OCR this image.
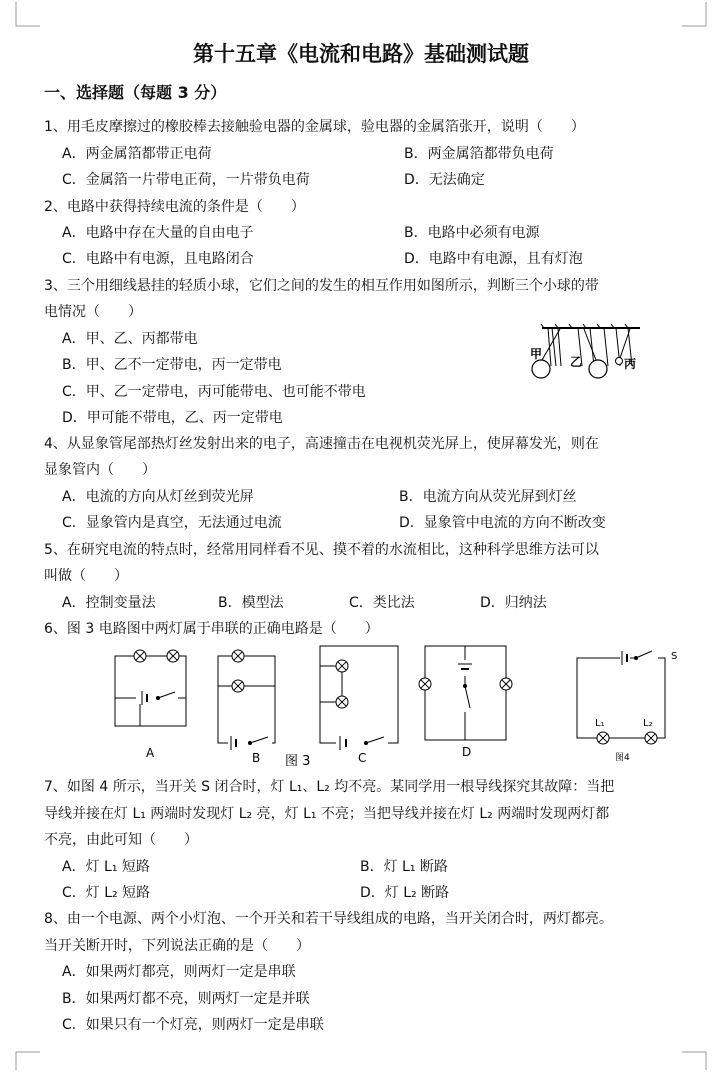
第十五章《电流和电路》基础测试题
一、选择题（每题 3 分）
1、用毛皮摩擦过的橡胶棒去接触验电器的金属球，验电器的金属箔张开，说明（　　）
A．两金属箔都带正电荷	B．两金属箔都带负电荷
C．金属箔一片带电正荷，一片带负电荷	D．无法确定
2、电路中获得持续电流的条件是（　　）
A．电路中存在大量的自由电子	B．电路中必须有电源
C．电路中有电源，且电路闭合	D．电路中有电源，且有灯泡
3、三个用细线悬挂的轻质小球，它们之间的发生的相互作用如图所示，判断三个小球的带
电情况（　　）
A．甲、乙、丙都带电
B．甲、乙不一定带电，丙一定带电
C．甲、乙一定带电，丙可能带电、也可能不带电
D．甲可能不带电，乙、丙一定带电
甲
乙	丙
4、从显象管尾部热灯丝发射出来的电子，高速撞击在电视机荧光屏上，使屏幕发光，则在
显象管内（　　）
A．电流的方向从灯丝到荧光屏	B．电流方向从荧光屏到灯丝
C．显象管内是真空，无法通过电流	D．显象管中电流的方向不断改变
5、在研究电流的特点时，经常用同样看不见、摸不着的水流相比，这种科学思维方法可以
叫做（　　）
A．控制变量法	B．模型法	C．类比法	D．归纳法
6、图 3 电路图中两灯属于串联的正确电路是（　　）
A	B 图 3	C	D
S
L₁	L₂
图4
7、如图 4 所示，当开关 S 闭合时，灯 L₁、L₂ 均不亮。某同学用一根导线探究其故障：当把
导线并接在灯 L₁ 两端时发现灯 L₂ 亮，灯 L₁ 不亮；当把导线并接在灯 L₂ 两端时发现两灯都
不亮，由此可知（　　）
A．灯 L₁ 短路	B．灯 L₁ 断路
C．灯 L₂ 短路	D．灯 L₂ 断路
8、由一个电源、两个小灯泡、一个开关和若干导线组成的电路，当开关闭合时，两灯都亮。
当开关断开时，下列说法正确的是（　　）
A．如果两灯都亮，则两灯一定是串联
B．如果两灯都不亮，则两灯一定是并联
C．如果只有一个灯亮，则两灯一定是串联
